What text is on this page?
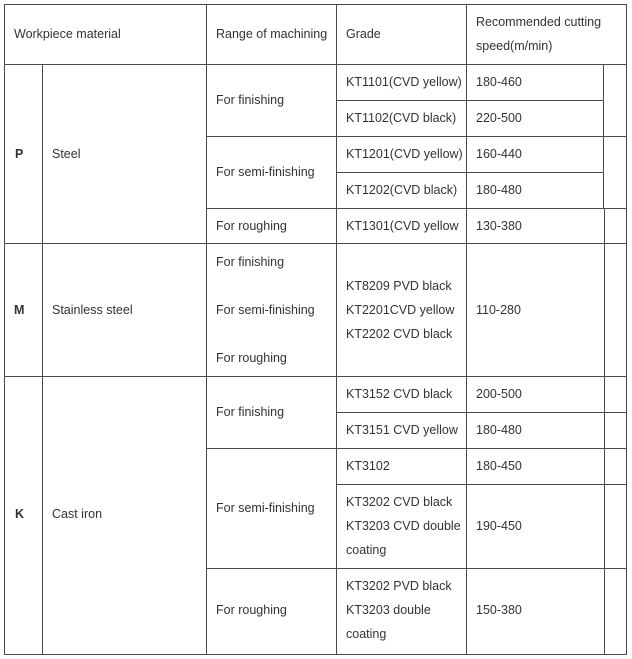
Workpiece material	Range of machining Grade
Recommended cutting
speed(m/min)
P Steel
For finishing
For semi-finishing
For roughing
KT1101(CVD yellow) 180-460
KT1102(CVD black) 220-500
KT1201(CVD yellow) 160-440
KT1202(CVD black) 180-480
KT1301(CVD yellow 130-380
M Stainless steel
For finishing
For semi-finishing
For roughing
KT8209 PVD black
KT2201CVD yellow
KT2202 CVD black
110-280
K Cast iron
For finishing
For semi-finishing
For roughing
KT3152 CVD black 200-500
KT3151 CVD yellow 180-480
KT3102	180-450
KT3202 CVD black
KT3203 CVD double
coating
190-450
KT3202 PVD black
KT3203 double
coating
150-380
